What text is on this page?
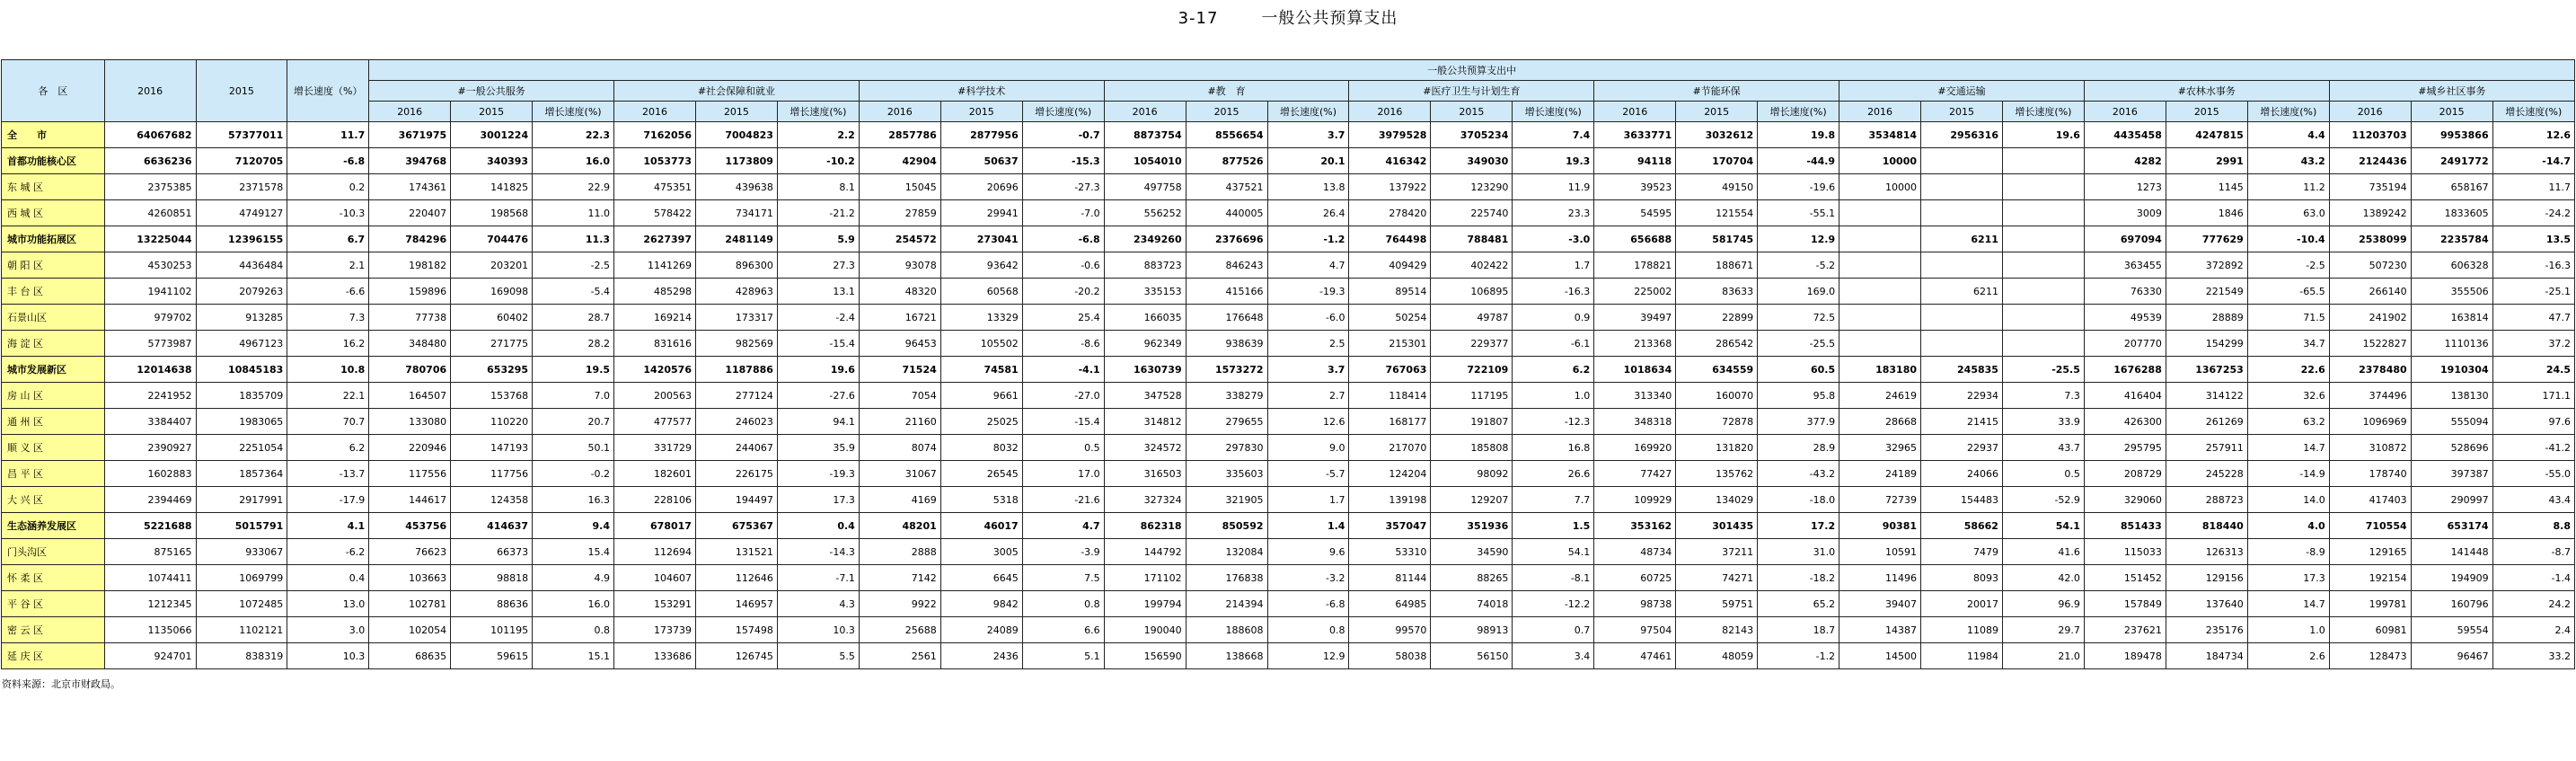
3-17	一般公共预算支出
各　区	2016	2015	增长速度（%）	一般公共预算支出中																										
				#一般公共服务			#社会保障和就业			#科学技术			#教　育			#医疗卫生与计划生育			#节能环保			#交通运输			#农林水事务			#城乡社区事务		
				2016	2015	增长速度(%)	2016	2015	增长速度(%)	2016	2015	增长速度(%)	2016	2015	增长速度(%)	2016	2015	增长速度(%)	2016	2015	增长速度(%)	2016	2015	增长速度(%)	2016	2015	增长速度(%)	2016	2015	增长速度(%)
全　　市	64067682	57377011	11.7	3671975	3001224	22.3	7162056	7004823	2.2	2857786	2877956	-0.7	8873754	8556654	3.7	3979528	3705234	7.4	3633771	3032612	19.8	3534814	2956316	19.6	4435458	4247815	4.4	11203703	9953866	12.6
首都功能核心区	6636236	7120705	-6.8	394768	340393	16.0	1053773	1173809	-10.2	42904	50637	-15.3	1054010	877526	20.1	416342	349030	19.3	94118	170704	-44.9	10000			4282	2991	43.2	2124436	2491772	-14.7
东 城 区	2375385	2371578	0.2	174361	141825	22.9	475351	439638	8.1	15045	20696	-27.3	497758	437521	13.8	137922	123290	11.9	39523	49150	-19.6	10000			1273	1145	11.2	735194	658167	11.7
西 城 区	4260851	4749127	-10.3	220407	198568	11.0	578422	734171	-21.2	27859	29941	-7.0	556252	440005	26.4	278420	225740	23.3	54595	121554	-55.1				3009	1846	63.0	1389242	1833605	-24.2
城市功能拓展区	13225044	12396155	6.7	784296	704476	11.3	2627397	2481149	5.9	254572	273041	-6.8	2349260	2376696	-1.2	764498	788481	-3.0	656688	581745	12.9		6211		697094	777629	-10.4	2538099	2235784	13.5
朝 阳 区	4530253	4436484	2.1	198182	203201	-2.5	1141269	896300	27.3	93078	93642	-0.6	883723	846243	4.7	409429	402422	1.7	178821	188671	-5.2				363455	372892	-2.5	507230	606328	-16.3
丰 台 区	1941102	2079263	-6.6	159896	169098	-5.4	485298	428963	13.1	48320	60568	-20.2	335153	415166	-19.3	89514	106895	-16.3	225002	83633	169.0		6211		76330	221549	-65.5	266140	355506	-25.1
石景山区	979702	913285	7.3	77738	60402	28.7	169214	173317	-2.4	16721	13329	25.4	166035	176648	-6.0	50254	49787	0.9	39497	22899	72.5				49539	28889	71.5	241902	163814	47.7
海 淀 区	5773987	4967123	16.2	348480	271775	28.2	831616	982569	-15.4	96453	105502	-8.6	962349	938639	2.5	215301	229377	-6.1	213368	286542	-25.5				207770	154299	34.7	1522827	1110136	37.2
城市发展新区	12014638	10845183	10.8	780706	653295	19.5	1420576	1187886	19.6	71524	74581	-4.1	1630739	1573272	3.7	767063	722109	6.2	1018634	634559	60.5	183180	245835	-25.5	1676288	1367253	22.6	2378480	1910304	24.5
房 山 区	2241952	1835709	22.1	164507	153768	7.0	200563	277124	-27.6	7054	9661	-27.0	347528	338279	2.7	118414	117195	1.0	313340	160070	95.8	24619	22934	7.3	416404	314122	32.6	374496	138130	171.1
通 州 区	3384407	1983065	70.7	133080	110220	20.7	477577	246023	94.1	21160	25025	-15.4	314812	279655	12.6	168177	191807	-12.3	348318	72878	377.9	28668	21415	33.9	426300	261269	63.2	1096969	555094	97.6
顺 义 区	2390927	2251054	6.2	220946	147193	50.1	331729	244067	35.9	8074	8032	0.5	324572	297830	9.0	217070	185808	16.8	169920	131820	28.9	32965	22937	43.7	295795	257911	14.7	310872	528696	-41.2
昌 平 区	1602883	1857364	-13.7	117556	117756	-0.2	182601	226175	-19.3	31067	26545	17.0	316503	335603	-5.7	124204	98092	26.6	77427	135762	-43.2	24189	24066	0.5	208729	245228	-14.9	178740	397387	-55.0
大 兴 区	2394469	2917991	-17.9	144617	124358	16.3	228106	194497	17.3	4169	5318	-21.6	327324	321905	1.7	139198	129207	7.7	109929	134029	-18.0	72739	154483	-52.9	329060	288723	14.0	417403	290997	43.4
生态涵养发展区	5221688	5015791	4.1	453756	414637	9.4	678017	675367	0.4	48201	46017	4.7	862318	850592	1.4	357047	351936	1.5	353162	301435	17.2	90381	58662	54.1	851433	818440	4.0	710554	653174	8.8
门头沟区	875165	933067	-6.2	76623	66373	15.4	112694	131521	-14.3	2888	3005	-3.9	144792	132084	9.6	53310	34590	54.1	48734	37211	31.0	10591	7479	41.6	115033	126313	-8.9	129165	141448	-8.7
怀 柔 区	1074411	1069799	0.4	103663	98818	4.9	104607	112646	-7.1	7142	6645	7.5	171102	176838	-3.2	81144	88265	-8.1	60725	74271	-18.2	11496	8093	42.0	151452	129156	17.3	192154	194909	-1.4
平 谷 区	1212345	1072485	13.0	102781	88636	16.0	153291	146957	4.3	9922	9842	0.8	199794	214394	-6.8	64985	74018	-12.2	98738	59751	65.2	39407	20017	96.9	157849	137640	14.7	199781	160796	24.2
密 云 区	1135066	1102121	3.0	102054	101195	0.8	173739	157498	10.3	25688	24089	6.6	190040	188608	0.8	99570	98913	0.7	97504	82143	18.7	14387	11089	29.7	237621	235176	1.0	60981	59554	2.4
延 庆 区	924701	838319	10.3	68635	59615	15.1	133686	126745	5.5	2561	2436	5.1	156590	138668	12.9	58038	56150	3.4	47461	48059	-1.2	14500	11984	21.0	189478	184734	2.6	128473	96467	33.2
资料来源：北京市财政局。
